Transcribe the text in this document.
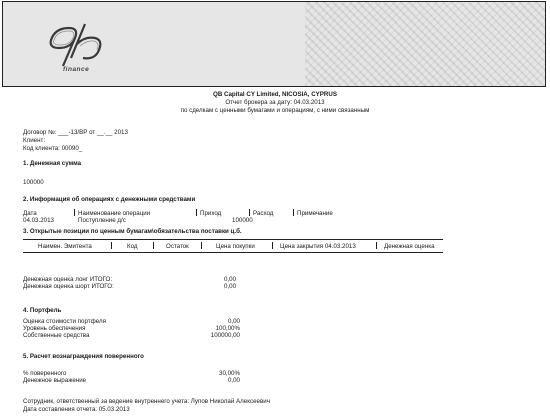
finance
QB Capital CY Limited, NICOSIA, CYPRUS
Отчет брокера за дату: 04.03.2013
по сделкам с ценными бумагами и операциям, с ними связанным
Договор №: ___-13/ВР от __.__ 2013
Клиент:
Код клиента: 00090_
1. Денежная сумма
100000
2. Информация об операциях с денежными средствами
Дата	Наименование операции	Приход	Расход	Примечание
04.03.2013	Поступление д/с	100000
3. Открытые позиции по ценным бумагам\обязательства поставки ц.б.
Наимен. Эмитента	Код	Остаток	Цена покупки	Цена закрытия 04.03.2013	Денежная оценка
Денежная оценка лонг ИТОГО:	0,00
Денежная оценка шорт ИТОГО:	0,00
4. Портфель
Оценка стоимости портфеля	0,00
Уровень обеспечения	100,00%
Собственные средства	100000,00
5. Расчет вознаграждения поверенного
% поверенного	30,00%
Денежное выражение	0,00
Сотрудник, ответственный за ведение внутреннего учета: Лупов Николай Алексеевич
Дата составления отчета: 05.03.2013
